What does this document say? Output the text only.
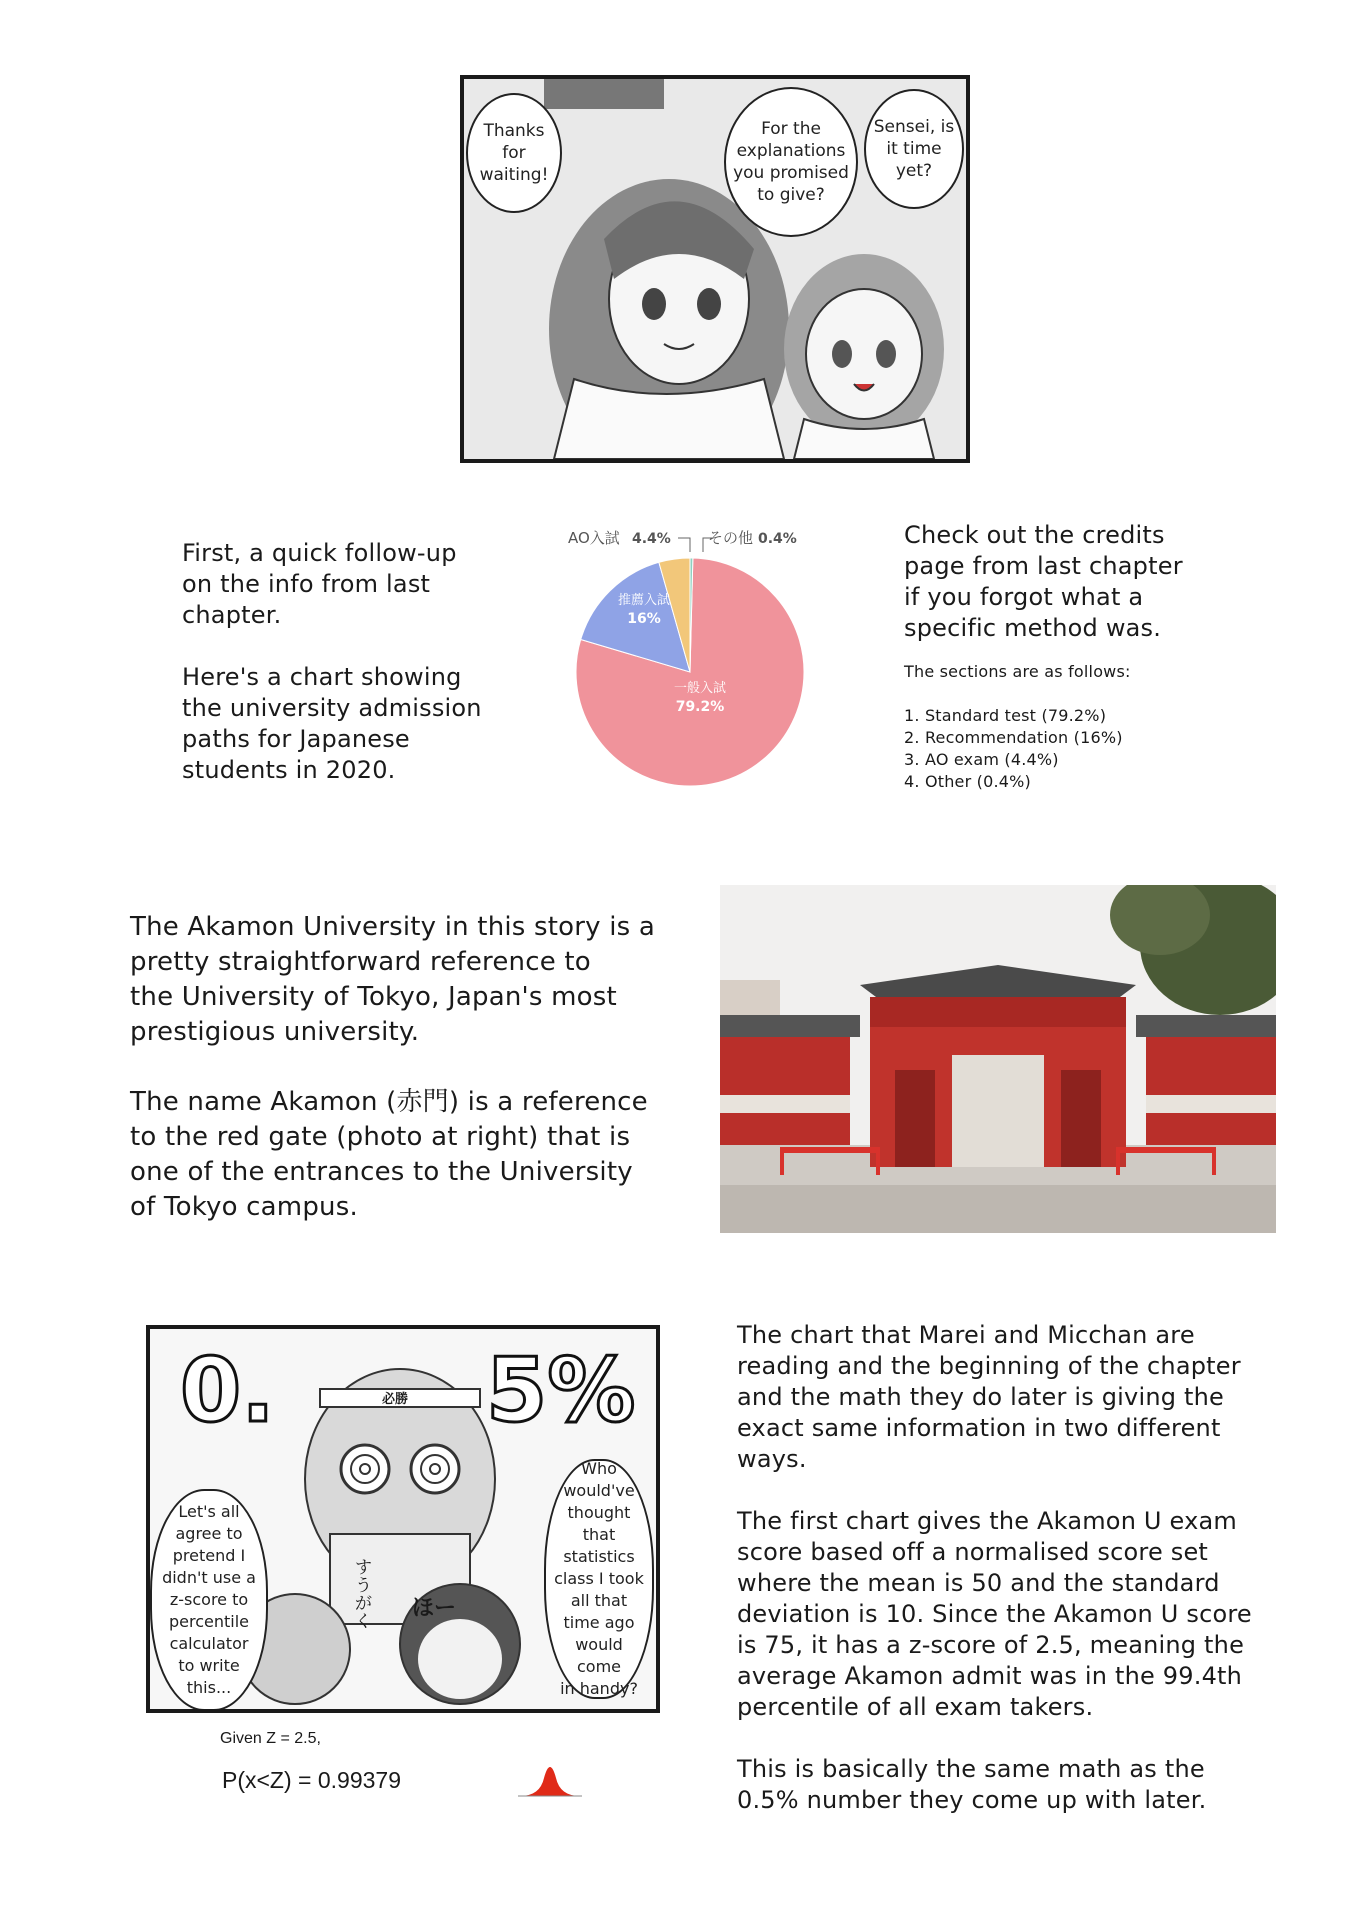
Thanks
for
waiting!
For the
explanations
you promised
to give?
Sensei, is
it time
yet?
First, a quick follow-up
on the info from last
chapter.
Here's a chart showing
the university admission
paths for Japanese
students in 2020.
一般入試
79.2%
推薦入試
16%
AO入試 4.4% その他 0.4%	Check out the credits
page from last chapter
if you forgot what a
specific method was.
The sections are as follows:
1. Standard test (79.2%)
2. Recommendation (16%)
3. AO exam (4.4%)
4. Other (0.4%)
The Akamon University in this story is a
pretty straightforward reference to
the University of Tokyo, Japan's most
prestigious university.
The name Akamon (赤門) is a reference
to the red gate (photo at right) that is
one of the entrances to the University
of Tokyo campus.
0. 5%
必勝
すうがく
ほー
Let's all
agree to
pretend I
didn't use a
z-score to
percentile
calculator
to write
this...
Who
would've
thought
that
statistics
class I took
all that
time ago
would come
in handy?
Given Z = 2.5,
P(x<Z) = 0.99379
The chart that Marei and Micchan are
reading and the beginning of the chapter
and the math they do later is giving the
exact same information in two different
ways.
The first chart gives the Akamon U exam
score based off a normalised score set
where the mean is 50 and the standard
deviation is 10. Since the Akamon U score
is 75, it has a z-score of 2.5, meaning the
average Akamon admit was in the 99.4th
percentile of all exam takers.
This is basically the same math as the
0.5% number they come up with later.
